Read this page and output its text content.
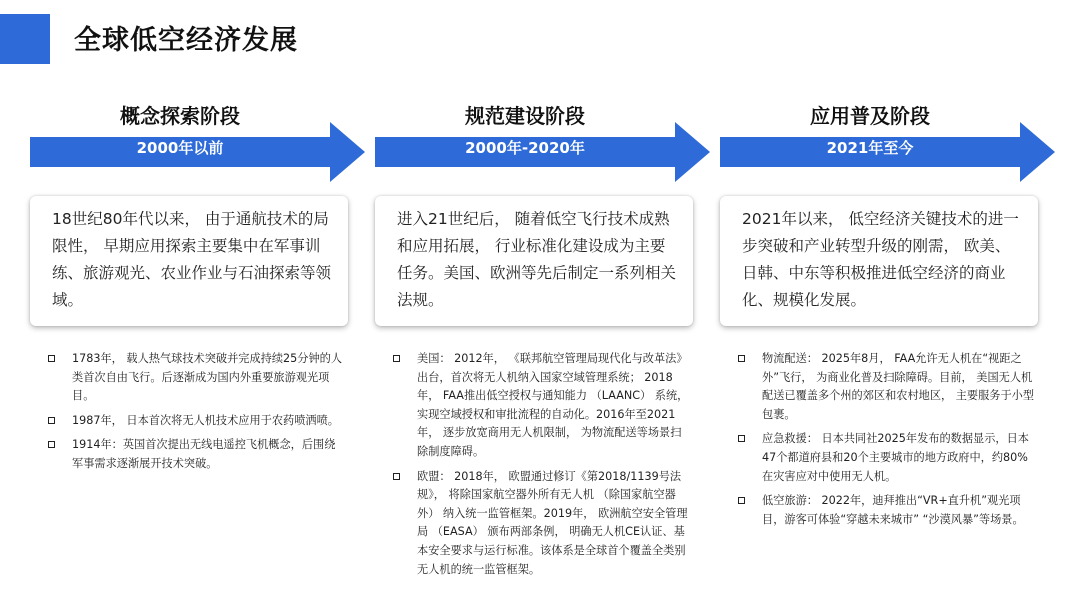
全球低空经济发展
概念探索阶段
2000年以前
18世纪80年代以来， 由于通航技术的局限性， 早期应用探索主要集中在军事训练、旅游观光、农业作业与石油探索等领域。
1783年， 载人热气球技术突破并完成持续25分钟的人类首次自由飞行。后逐渐成为国内外重要旅游观光项目。
1987年， 日本首次将无人机技术应用于农药喷洒喷。
1914年：英国首次提出无线电遥控飞机概念，后围绕军事需求逐渐展开技术突破。
规范建设阶段
2000年-2020年
进入21世纪后， 随着低空飞行技术成熟和应用拓展， 行业标准化建设成为主要任务。美国、欧洲等先后制定一系列相关法规。
美国： 2012年， 《联邦航空管理局现代化与改革法》出台，首次将无人机纳入国家空域管理系统； 2018年， FAA推出低空授权与通知能力 （LAANC） 系统，实现空域授权和审批流程的自动化。2016年至2021年， 逐步放宽商用无人机限制， 为物流配送等场景扫除制度障碍。
欧盟： 2018年， 欧盟通过修订《第2018/1139号法规》， 将除国家航空器外所有无人机 （除国家航空器外） 纳入统一监管框架。2019年， 欧洲航空安全管理局 （EASA） 颁布两部条例， 明确无人机CE认证、基本安全要求与运行标准。该体系是全球首个覆盖全类别无人机的统一监管框架。
应用普及阶段
2021年至今
2021年以来， 低空经济关键技术的进一步突破和产业转型升级的刚需， 欧美、日韩、中东等积极推进低空经济的商业化、规模化发展。
物流配送： 2025年8月， FAA允许无人机在“视距之外”飞行， 为商业化普及扫除障碍。目前， 美国无人机配送已覆盖多个州的郊区和农村地区， 主要服务于小型包裹。
应急救援： 日本共同社2025年发布的数据显示，日本47个都道府县和20个主要城市的地方政府中，约80%在灾害应对中使用无人机。
低空旅游： 2022年，迪拜推出“VR+直升机”观光项目，游客可体验“穿越未来城市” “沙漠风暴”等场景。
